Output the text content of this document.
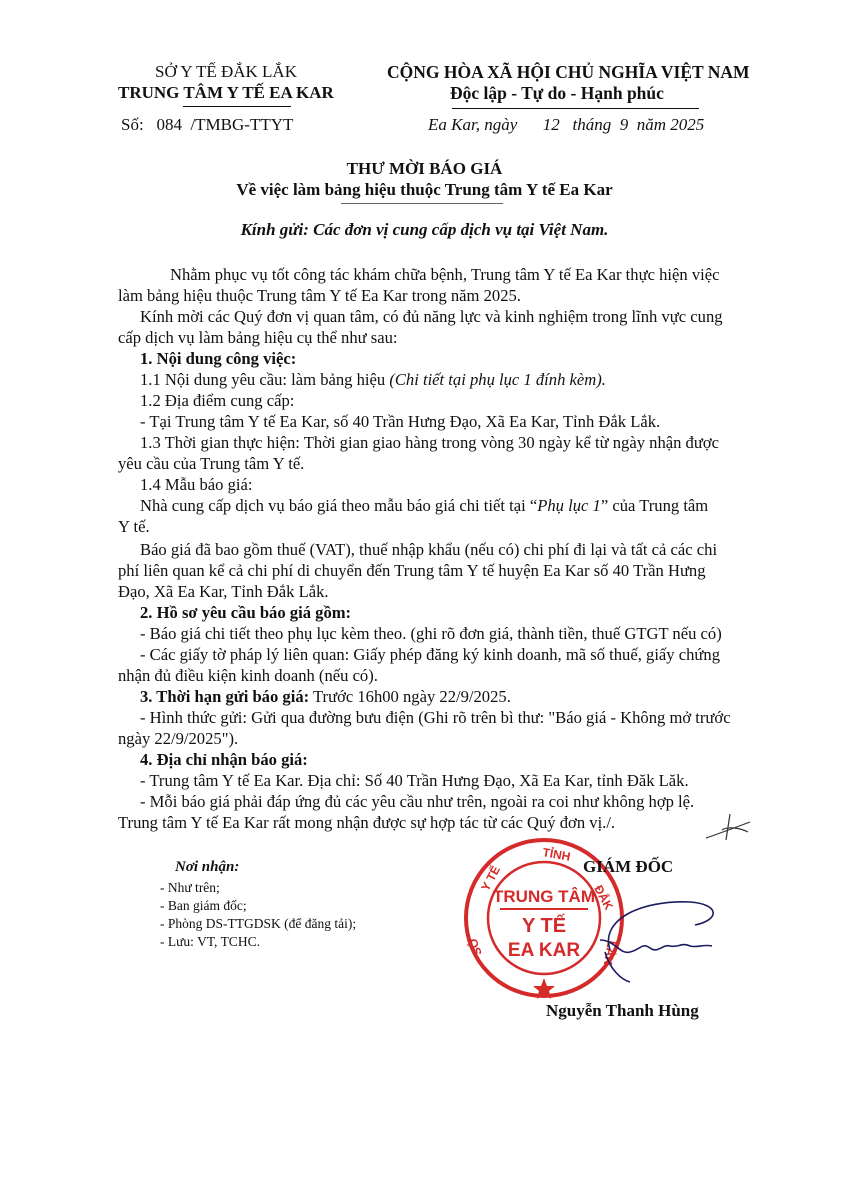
SỞ Y TẾ ĐẮK LẮK
TRUNG TÂM Y TẾ EA KAR
Số: 084 /TMBG-TTYT
CỘNG HÒA XÃ HỘI CHỦ NGHĨA VIỆT NAM
Độc lập - Tự do - Hạnh phúc
Ea Kar, ngày 12 tháng 9 năm 2025
THƯ MỜI BÁO GIÁ
Về việc làm bảng hiệu thuộc Trung tâm Y tế Ea Kar
Kính gửi: Các đơn vị cung cấp dịch vụ tại Việt Nam.
Nhằm phục vụ tốt công tác khám chữa bệnh, Trung tâm Y tế Ea Kar thực hiện việc
làm bảng hiệu thuộc Trung tâm Y tế Ea Kar trong năm 2025.
Kính mời các Quý đơn vị quan tâm, có đủ năng lực và kinh nghiệm trong lĩnh vực cung
cấp dịch vụ làm bảng hiệu cụ thể như sau:
1. Nội dung công việc:
1.1 Nội dung yêu cầu: làm bảng hiệu (Chi tiết tại phụ lục 1 đính kèm).
1.2 Địa điểm cung cấp:
- Tại Trung tâm Y tế Ea Kar, số 40 Trần Hưng Đạo, Xã Ea Kar, Tỉnh Đắk Lắk.
1.3 Thời gian thực hiện: Thời gian giao hàng trong vòng 30 ngày kể từ ngày nhận được
yêu cầu của Trung tâm Y tế.
1.4 Mẫu báo giá:
Nhà cung cấp dịch vụ báo giá theo mẫu báo giá chi tiết tại “Phụ lục 1” của Trung tâm
Y tế.
Báo giá đã bao gồm thuế (VAT), thuế nhập khẩu (nếu có) chi phí đi lại và tất cả các chi
phí liên quan kể cả chi phí di chuyển đến Trung tâm Y tế huyện Ea Kar số 40 Trần Hưng
Đạo, Xã Ea Kar, Tỉnh Đắk Lắk.
2. Hồ sơ yêu cầu báo giá gồm:
- Báo giá chi tiết theo phụ lục kèm theo. (ghi rõ đơn giá, thành tiền, thuế GTGT nếu có)
- Các giấy tờ pháp lý liên quan: Giấy phép đăng ký kinh doanh, mã số thuế, giấy chứng
nhận đủ điều kiện kinh doanh (nếu có).
3. Thời hạn gửi báo giá: Trước 16h00 ngày 22/9/2025.
- Hình thức gửi: Gửi qua đường bưu điện (Ghi rõ trên bì thư: "Báo giá - Không mở trước
ngày 22/9/2025").
4. Địa chỉ nhận báo giá:
- Trung tâm Y tế Ea Kar. Địa chỉ: Số 40 Trần Hưng Đạo, Xã Ea Kar, tỉnh Đăk Lăk.
- Mỗi báo giá phải đáp ứng đủ các yêu cầu như trên, ngoài ra coi như không hợp lệ.
Trung tâm Y tế Ea Kar rất mong nhận được sự hợp tác từ các Quý đơn vị./.
Nơi nhận:
- Như trên;
- Ban giám đốc;
- Phòng DS-TTGDSK (để đăng tải);
- Lưu: VT, TCHC.
TỈNH
ĐẮK
LẮK
Y TẾ
SỞ
TRUNG TÂM
Y TẾ
EA KAR
GIÁM ĐỐC
Nguyễn Thanh Hùng
